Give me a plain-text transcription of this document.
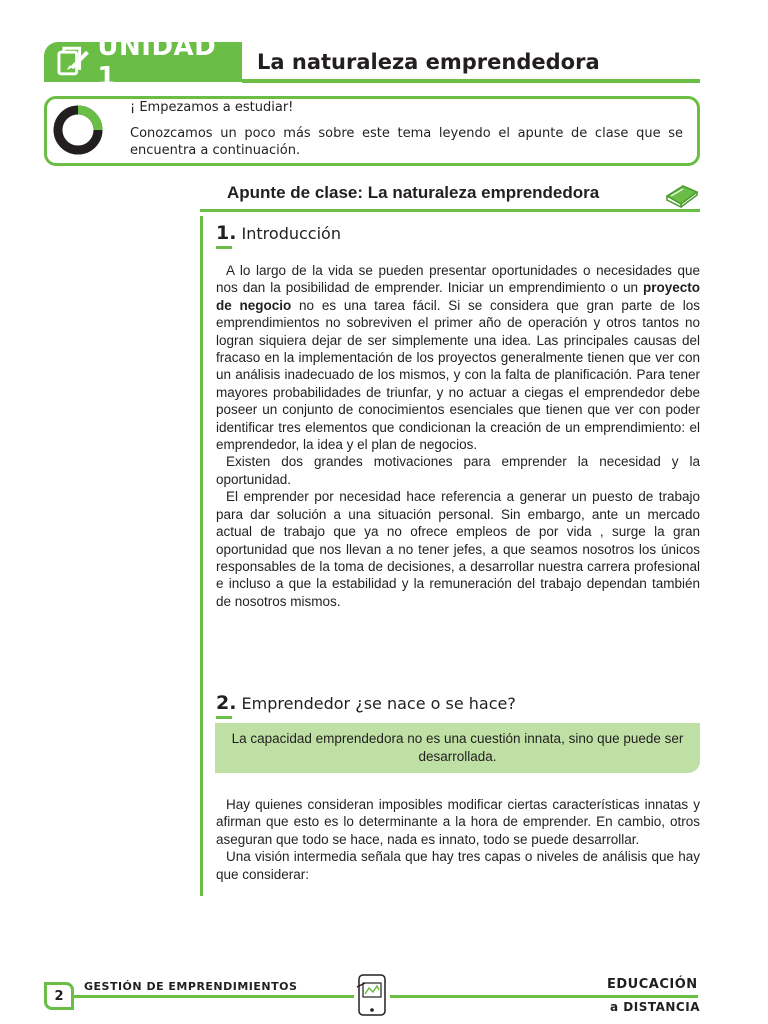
UNIDAD 1	La naturaleza emprendedora
¡ Empezamos a estudiar!
Conozcamos un poco más sobre este tema leyendo el apunte de clase que se encuentra a continuación.
Apunte de clase: La naturaleza emprendedora
1. Introducción

A lo largo de la vida se pueden presentar oportunidades o necesidades que nos dan la posibilidad de emprender. Iniciar un emprendimiento o un proyecto de negocio no es una tarea fácil. Si se considera que gran parte de los emprendimientos no sobreviven el primer año de operación y otros tantos no logran siquiera dejar de ser simplemente una idea. Las principales causas del fracaso en la implementación de los proyectos generalmente tienen que ver con un análisis inadecuado de los mismos, y con la falta de planificación. Para tener mayores probabilidades de triunfar, y no actuar a ciegas el emprendedor debe poseer un conjunto de conocimientos esenciales que tienen que ver con poder identificar tres elementos que condicionan la creación de un emprendimiento: el emprendedor, la idea y el plan de negocios.

Existen dos grandes motivaciones para emprender la necesidad y la oportunidad.

El emprender por necesidad hace referencia a generar un puesto de trabajo para dar solución a una situación personal. Sin embargo, ante un mercado actual de trabajo que ya no ofrece empleos de por vida , surge la gran oportunidad que nos llevan a no tener jefes, a que seamos nosotros los únicos responsables de la toma de decisiones, a desarrollar nuestra carrera profesional e incluso a que la estabilidad y la remuneración del trabajo dependan también de nosotros mismos.

2. Emprendedor ¿se nace o se hace?
La capacidad emprendedora no es una cuestión innata, sino que puede ser desarrollada.

Hay quienes consideran imposibles modificar ciertas características innatas y afirman que esto es lo determinante a la hora de emprender. En cambio, otros aseguran que todo se hace, nada es innato, todo se puede desarrollar.

Una visión intermedia señala que hay tres capas o niveles de análisis que hay que considerar:

2
GESTIÓN DE EMPRENDIMIENTOS	EDUCACIÓN
a DISTANCIA
